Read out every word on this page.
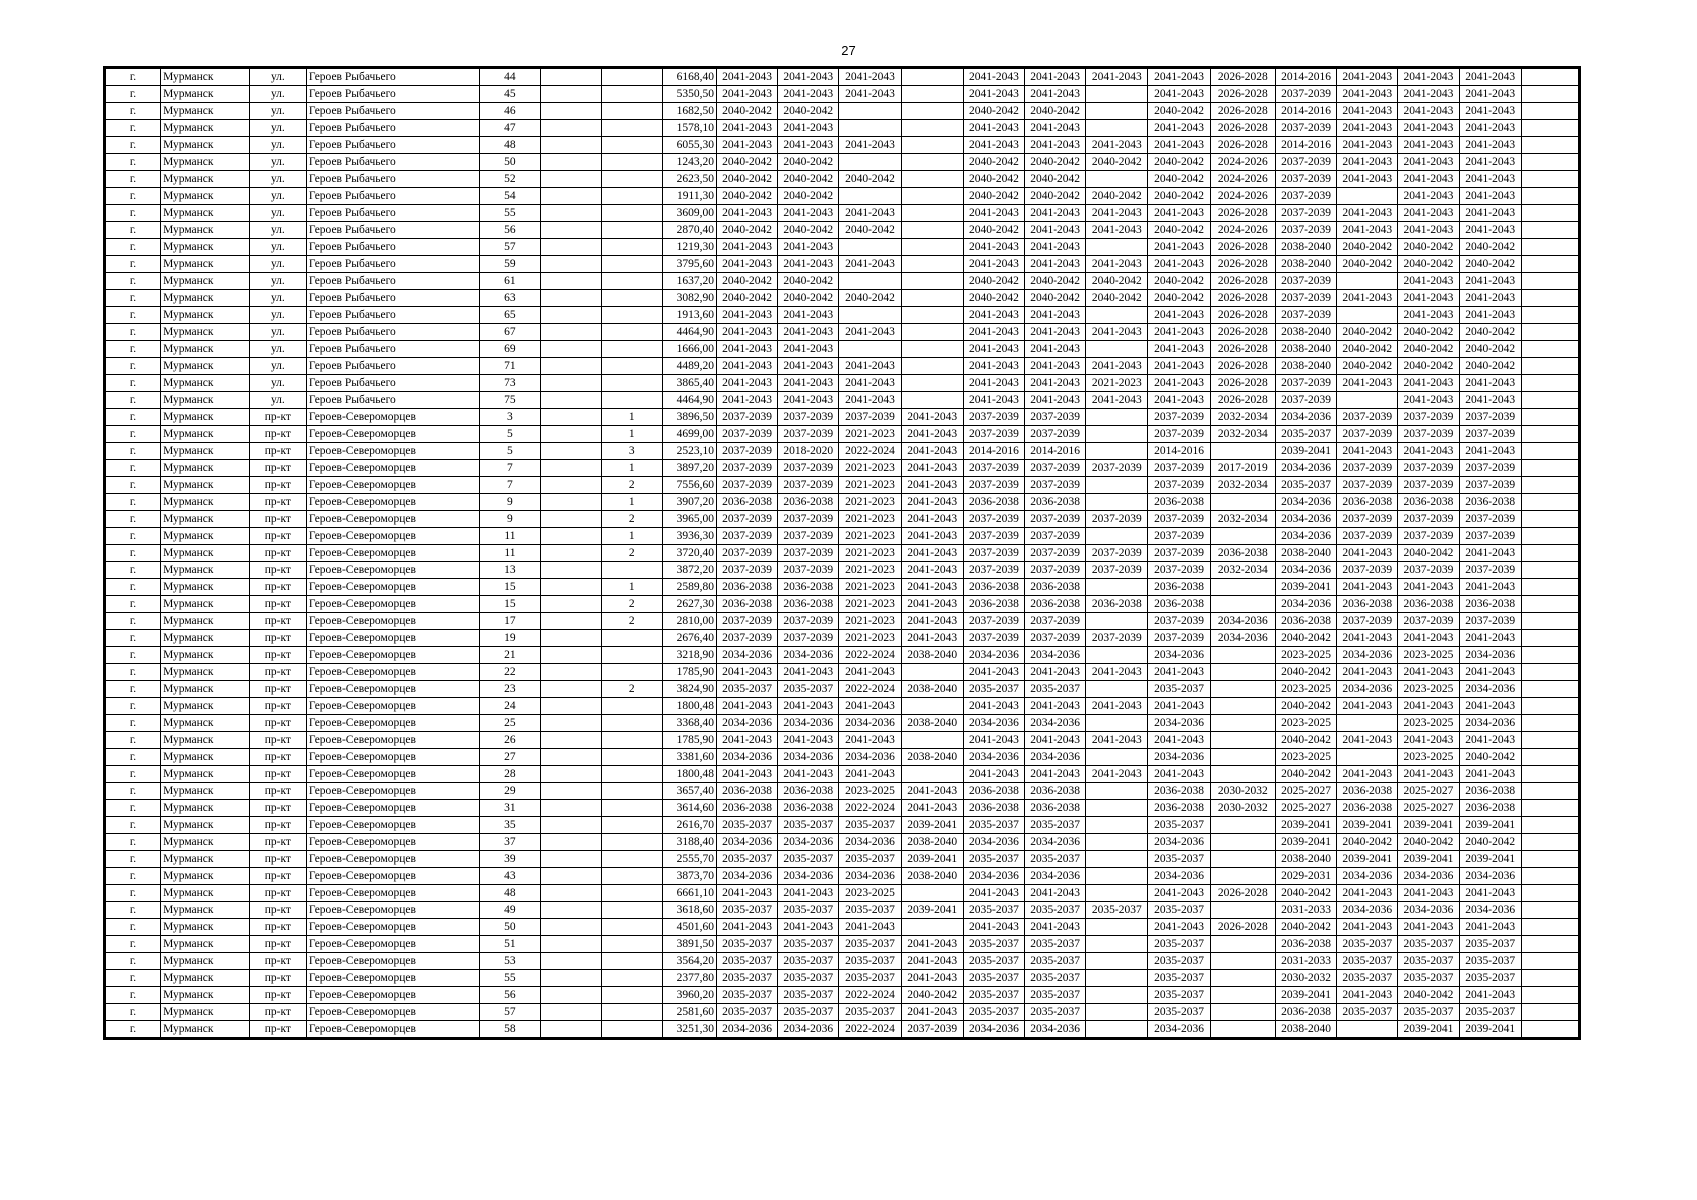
27
г.	Мурманск	ул.	Героев Рыбачьего	44			6168,40	2041-2043	2041-2043	2041-2043		2041-2043	2041-2043	2041-2043	2041-2043	2026-2028	2014-2016	2041-2043	2041-2043	2041-2043	
г.	Мурманск	ул.	Героев Рыбачьего	45			5350,50	2041-2043	2041-2043	2041-2043		2041-2043	2041-2043		2041-2043	2026-2028	2037-2039	2041-2043	2041-2043	2041-2043	
г.	Мурманск	ул.	Героев Рыбачьего	46			1682,50	2040-2042	2040-2042			2040-2042	2040-2042		2040-2042	2026-2028	2014-2016	2041-2043	2041-2043	2041-2043	
г.	Мурманск	ул.	Героев Рыбачьего	47			1578,10	2041-2043	2041-2043			2041-2043	2041-2043		2041-2043	2026-2028	2037-2039	2041-2043	2041-2043	2041-2043	
г.	Мурманск	ул.	Героев Рыбачьего	48			6055,30	2041-2043	2041-2043	2041-2043		2041-2043	2041-2043	2041-2043	2041-2043	2026-2028	2014-2016	2041-2043	2041-2043	2041-2043	
г.	Мурманск	ул.	Героев Рыбачьего	50			1243,20	2040-2042	2040-2042			2040-2042	2040-2042	2040-2042	2040-2042	2024-2026	2037-2039	2041-2043	2041-2043	2041-2043	
г.	Мурманск	ул.	Героев Рыбачьего	52			2623,50	2040-2042	2040-2042	2040-2042		2040-2042	2040-2042		2040-2042	2024-2026	2037-2039	2041-2043	2041-2043	2041-2043	
г.	Мурманск	ул.	Героев Рыбачьего	54			1911,30	2040-2042	2040-2042			2040-2042	2040-2042	2040-2042	2040-2042	2024-2026	2037-2039		2041-2043	2041-2043	
г.	Мурманск	ул.	Героев Рыбачьего	55			3609,00	2041-2043	2041-2043	2041-2043		2041-2043	2041-2043	2041-2043	2041-2043	2026-2028	2037-2039	2041-2043	2041-2043	2041-2043	
г.	Мурманск	ул.	Героев Рыбачьего	56			2870,40	2040-2042	2040-2042	2040-2042		2040-2042	2041-2043	2041-2043	2040-2042	2024-2026	2037-2039	2041-2043	2041-2043	2041-2043	
г.	Мурманск	ул.	Героев Рыбачьего	57			1219,30	2041-2043	2041-2043			2041-2043	2041-2043		2041-2043	2026-2028	2038-2040	2040-2042	2040-2042	2040-2042	
г.	Мурманск	ул.	Героев Рыбачьего	59			3795,60	2041-2043	2041-2043	2041-2043		2041-2043	2041-2043	2041-2043	2041-2043	2026-2028	2038-2040	2040-2042	2040-2042	2040-2042	
г.	Мурманск	ул.	Героев Рыбачьего	61			1637,20	2040-2042	2040-2042			2040-2042	2040-2042	2040-2042	2040-2042	2026-2028	2037-2039		2041-2043	2041-2043	
г.	Мурманск	ул.	Героев Рыбачьего	63			3082,90	2040-2042	2040-2042	2040-2042		2040-2042	2040-2042	2040-2042	2040-2042	2026-2028	2037-2039	2041-2043	2041-2043	2041-2043	
г.	Мурманск	ул.	Героев Рыбачьего	65			1913,60	2041-2043	2041-2043			2041-2043	2041-2043		2041-2043	2026-2028	2037-2039		2041-2043	2041-2043	
г.	Мурманск	ул.	Героев Рыбачьего	67			4464,90	2041-2043	2041-2043	2041-2043		2041-2043	2041-2043	2041-2043	2041-2043	2026-2028	2038-2040	2040-2042	2040-2042	2040-2042	
г.	Мурманск	ул.	Героев Рыбачьего	69			1666,00	2041-2043	2041-2043			2041-2043	2041-2043		2041-2043	2026-2028	2038-2040	2040-2042	2040-2042	2040-2042	
г.	Мурманск	ул.	Героев Рыбачьего	71			4489,20	2041-2043	2041-2043	2041-2043		2041-2043	2041-2043	2041-2043	2041-2043	2026-2028	2038-2040	2040-2042	2040-2042	2040-2042	
г.	Мурманск	ул.	Героев Рыбачьего	73			3865,40	2041-2043	2041-2043	2041-2043		2041-2043	2041-2043	2021-2023	2041-2043	2026-2028	2037-2039	2041-2043	2041-2043	2041-2043	
г.	Мурманск	ул.	Героев Рыбачьего	75			4464,90	2041-2043	2041-2043	2041-2043		2041-2043	2041-2043	2041-2043	2041-2043	2026-2028	2037-2039		2041-2043	2041-2043	
г.	Мурманск	пр-кт	Героев-Североморцев	3		1	3896,50	2037-2039	2037-2039	2037-2039	2041-2043	2037-2039	2037-2039		2037-2039	2032-2034	2034-2036	2037-2039	2037-2039	2037-2039	
г.	Мурманск	пр-кт	Героев-Североморцев	5		1	4699,00	2037-2039	2037-2039	2021-2023	2041-2043	2037-2039	2037-2039		2037-2039	2032-2034	2035-2037	2037-2039	2037-2039	2037-2039	
г.	Мурманск	пр-кт	Героев-Североморцев	5		3	2523,10	2037-2039	2018-2020	2022-2024	2041-2043	2014-2016	2014-2016		2014-2016		2039-2041	2041-2043	2041-2043	2041-2043	
г.	Мурманск	пр-кт	Героев-Североморцев	7		1	3897,20	2037-2039	2037-2039	2021-2023	2041-2043	2037-2039	2037-2039	2037-2039	2037-2039	2017-2019	2034-2036	2037-2039	2037-2039	2037-2039	
г.	Мурманск	пр-кт	Героев-Североморцев	7		2	7556,60	2037-2039	2037-2039	2021-2023	2041-2043	2037-2039	2037-2039		2037-2039	2032-2034	2035-2037	2037-2039	2037-2039	2037-2039	
г.	Мурманск	пр-кт	Героев-Североморцев	9		1	3907,20	2036-2038	2036-2038	2021-2023	2041-2043	2036-2038	2036-2038		2036-2038		2034-2036	2036-2038	2036-2038	2036-2038	
г.	Мурманск	пр-кт	Героев-Североморцев	9		2	3965,00	2037-2039	2037-2039	2021-2023	2041-2043	2037-2039	2037-2039	2037-2039	2037-2039	2032-2034	2034-2036	2037-2039	2037-2039	2037-2039	
г.	Мурманск	пр-кт	Героев-Североморцев	11		1	3936,30	2037-2039	2037-2039	2021-2023	2041-2043	2037-2039	2037-2039		2037-2039		2034-2036	2037-2039	2037-2039	2037-2039	
г.	Мурманск	пр-кт	Героев-Североморцев	11		2	3720,40	2037-2039	2037-2039	2021-2023	2041-2043	2037-2039	2037-2039	2037-2039	2037-2039	2036-2038	2038-2040	2041-2043	2040-2042	2041-2043	
г.	Мурманск	пр-кт	Героев-Североморцев	13			3872,20	2037-2039	2037-2039	2021-2023	2041-2043	2037-2039	2037-2039	2037-2039	2037-2039	2032-2034	2034-2036	2037-2039	2037-2039	2037-2039	
г.	Мурманск	пр-кт	Героев-Североморцев	15		1	2589,80	2036-2038	2036-2038	2021-2023	2041-2043	2036-2038	2036-2038		2036-2038		2039-2041	2041-2043	2041-2043	2041-2043	
г.	Мурманск	пр-кт	Героев-Североморцев	15		2	2627,30	2036-2038	2036-2038	2021-2023	2041-2043	2036-2038	2036-2038	2036-2038	2036-2038		2034-2036	2036-2038	2036-2038	2036-2038	
г.	Мурманск	пр-кт	Героев-Североморцев	17		2	2810,00	2037-2039	2037-2039	2021-2023	2041-2043	2037-2039	2037-2039		2037-2039	2034-2036	2036-2038	2037-2039	2037-2039	2037-2039	
г.	Мурманск	пр-кт	Героев-Североморцев	19			2676,40	2037-2039	2037-2039	2021-2023	2041-2043	2037-2039	2037-2039	2037-2039	2037-2039	2034-2036	2040-2042	2041-2043	2041-2043	2041-2043	
г.	Мурманск	пр-кт	Героев-Североморцев	21			3218,90	2034-2036	2034-2036	2022-2024	2038-2040	2034-2036	2034-2036		2034-2036		2023-2025	2034-2036	2023-2025	2034-2036	
г.	Мурманск	пр-кт	Героев-Североморцев	22			1785,90	2041-2043	2041-2043	2041-2043		2041-2043	2041-2043	2041-2043	2041-2043		2040-2042	2041-2043	2041-2043	2041-2043	
г.	Мурманск	пр-кт	Героев-Североморцев	23		2	3824,90	2035-2037	2035-2037	2022-2024	2038-2040	2035-2037	2035-2037		2035-2037		2023-2025	2034-2036	2023-2025	2034-2036	
г.	Мурманск	пр-кт	Героев-Североморцев	24			1800,48	2041-2043	2041-2043	2041-2043		2041-2043	2041-2043	2041-2043	2041-2043		2040-2042	2041-2043	2041-2043	2041-2043	
г.	Мурманск	пр-кт	Героев-Североморцев	25			3368,40	2034-2036	2034-2036	2034-2036	2038-2040	2034-2036	2034-2036		2034-2036		2023-2025		2023-2025	2034-2036	
г.	Мурманск	пр-кт	Героев-Североморцев	26			1785,90	2041-2043	2041-2043	2041-2043		2041-2043	2041-2043	2041-2043	2041-2043		2040-2042	2041-2043	2041-2043	2041-2043	
г.	Мурманск	пр-кт	Героев-Североморцев	27			3381,60	2034-2036	2034-2036	2034-2036	2038-2040	2034-2036	2034-2036		2034-2036		2023-2025		2023-2025	2040-2042	
г.	Мурманск	пр-кт	Героев-Североморцев	28			1800,48	2041-2043	2041-2043	2041-2043		2041-2043	2041-2043	2041-2043	2041-2043		2040-2042	2041-2043	2041-2043	2041-2043	
г.	Мурманск	пр-кт	Героев-Североморцев	29			3657,40	2036-2038	2036-2038	2023-2025	2041-2043	2036-2038	2036-2038		2036-2038	2030-2032	2025-2027	2036-2038	2025-2027	2036-2038	
г.	Мурманск	пр-кт	Героев-Североморцев	31			3614,60	2036-2038	2036-2038	2022-2024	2041-2043	2036-2038	2036-2038		2036-2038	2030-2032	2025-2027	2036-2038	2025-2027	2036-2038	
г.	Мурманск	пр-кт	Героев-Североморцев	35			2616,70	2035-2037	2035-2037	2035-2037	2039-2041	2035-2037	2035-2037		2035-2037		2039-2041	2039-2041	2039-2041	2039-2041	
г.	Мурманск	пр-кт	Героев-Североморцев	37			3188,40	2034-2036	2034-2036	2034-2036	2038-2040	2034-2036	2034-2036		2034-2036		2039-2041	2040-2042	2040-2042	2040-2042	
г.	Мурманск	пр-кт	Героев-Североморцев	39			2555,70	2035-2037	2035-2037	2035-2037	2039-2041	2035-2037	2035-2037		2035-2037		2038-2040	2039-2041	2039-2041	2039-2041	
г.	Мурманск	пр-кт	Героев-Североморцев	43			3873,70	2034-2036	2034-2036	2034-2036	2038-2040	2034-2036	2034-2036		2034-2036		2029-2031	2034-2036	2034-2036	2034-2036	
г.	Мурманск	пр-кт	Героев-Североморцев	48			6661,10	2041-2043	2041-2043	2023-2025		2041-2043	2041-2043		2041-2043	2026-2028	2040-2042	2041-2043	2041-2043	2041-2043	
г.	Мурманск	пр-кт	Героев-Североморцев	49			3618,60	2035-2037	2035-2037	2035-2037	2039-2041	2035-2037	2035-2037	2035-2037	2035-2037		2031-2033	2034-2036	2034-2036	2034-2036	
г.	Мурманск	пр-кт	Героев-Североморцев	50			4501,60	2041-2043	2041-2043	2041-2043		2041-2043	2041-2043		2041-2043	2026-2028	2040-2042	2041-2043	2041-2043	2041-2043	
г.	Мурманск	пр-кт	Героев-Североморцев	51			3891,50	2035-2037	2035-2037	2035-2037	2041-2043	2035-2037	2035-2037		2035-2037		2036-2038	2035-2037	2035-2037	2035-2037	
г.	Мурманск	пр-кт	Героев-Североморцев	53			3564,20	2035-2037	2035-2037	2035-2037	2041-2043	2035-2037	2035-2037		2035-2037		2031-2033	2035-2037	2035-2037	2035-2037	
г.	Мурманск	пр-кт	Героев-Североморцев	55			2377,80	2035-2037	2035-2037	2035-2037	2041-2043	2035-2037	2035-2037		2035-2037		2030-2032	2035-2037	2035-2037	2035-2037	
г.	Мурманск	пр-кт	Героев-Североморцев	56			3960,20	2035-2037	2035-2037	2022-2024	2040-2042	2035-2037	2035-2037		2035-2037		2039-2041	2041-2043	2040-2042	2041-2043	
г.	Мурманск	пр-кт	Героев-Североморцев	57			2581,60	2035-2037	2035-2037	2035-2037	2041-2043	2035-2037	2035-2037		2035-2037		2036-2038	2035-2037	2035-2037	2035-2037	
г.	Мурманск	пр-кт	Героев-Североморцев	58			3251,30	2034-2036	2034-2036	2022-2024	2037-2039	2034-2036	2034-2036		2034-2036		2038-2040		2039-2041	2039-2041	
